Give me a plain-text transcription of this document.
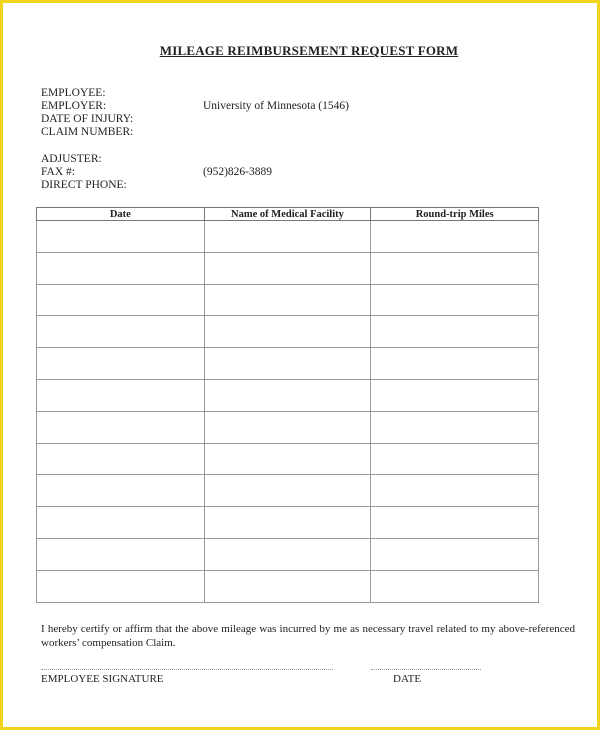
MILEAGE REIMBURSEMENT REQUEST FORM
EMPLOYEE:
EMPLOYER:	University of Minnesota (1546)
DATE OF INJURY:
CLAIM NUMBER:
ADJUSTER:
FAX #:	(952)826-3889
DIRECT PHONE:
Date	Name of Medical Facility	Round-trip Miles

I hereby certify or affirm that the above mileage was incurred by me as necessary travel related to my above-referenced workers’ compensation Claim.
EMPLOYEE SIGNATURE	DATE
